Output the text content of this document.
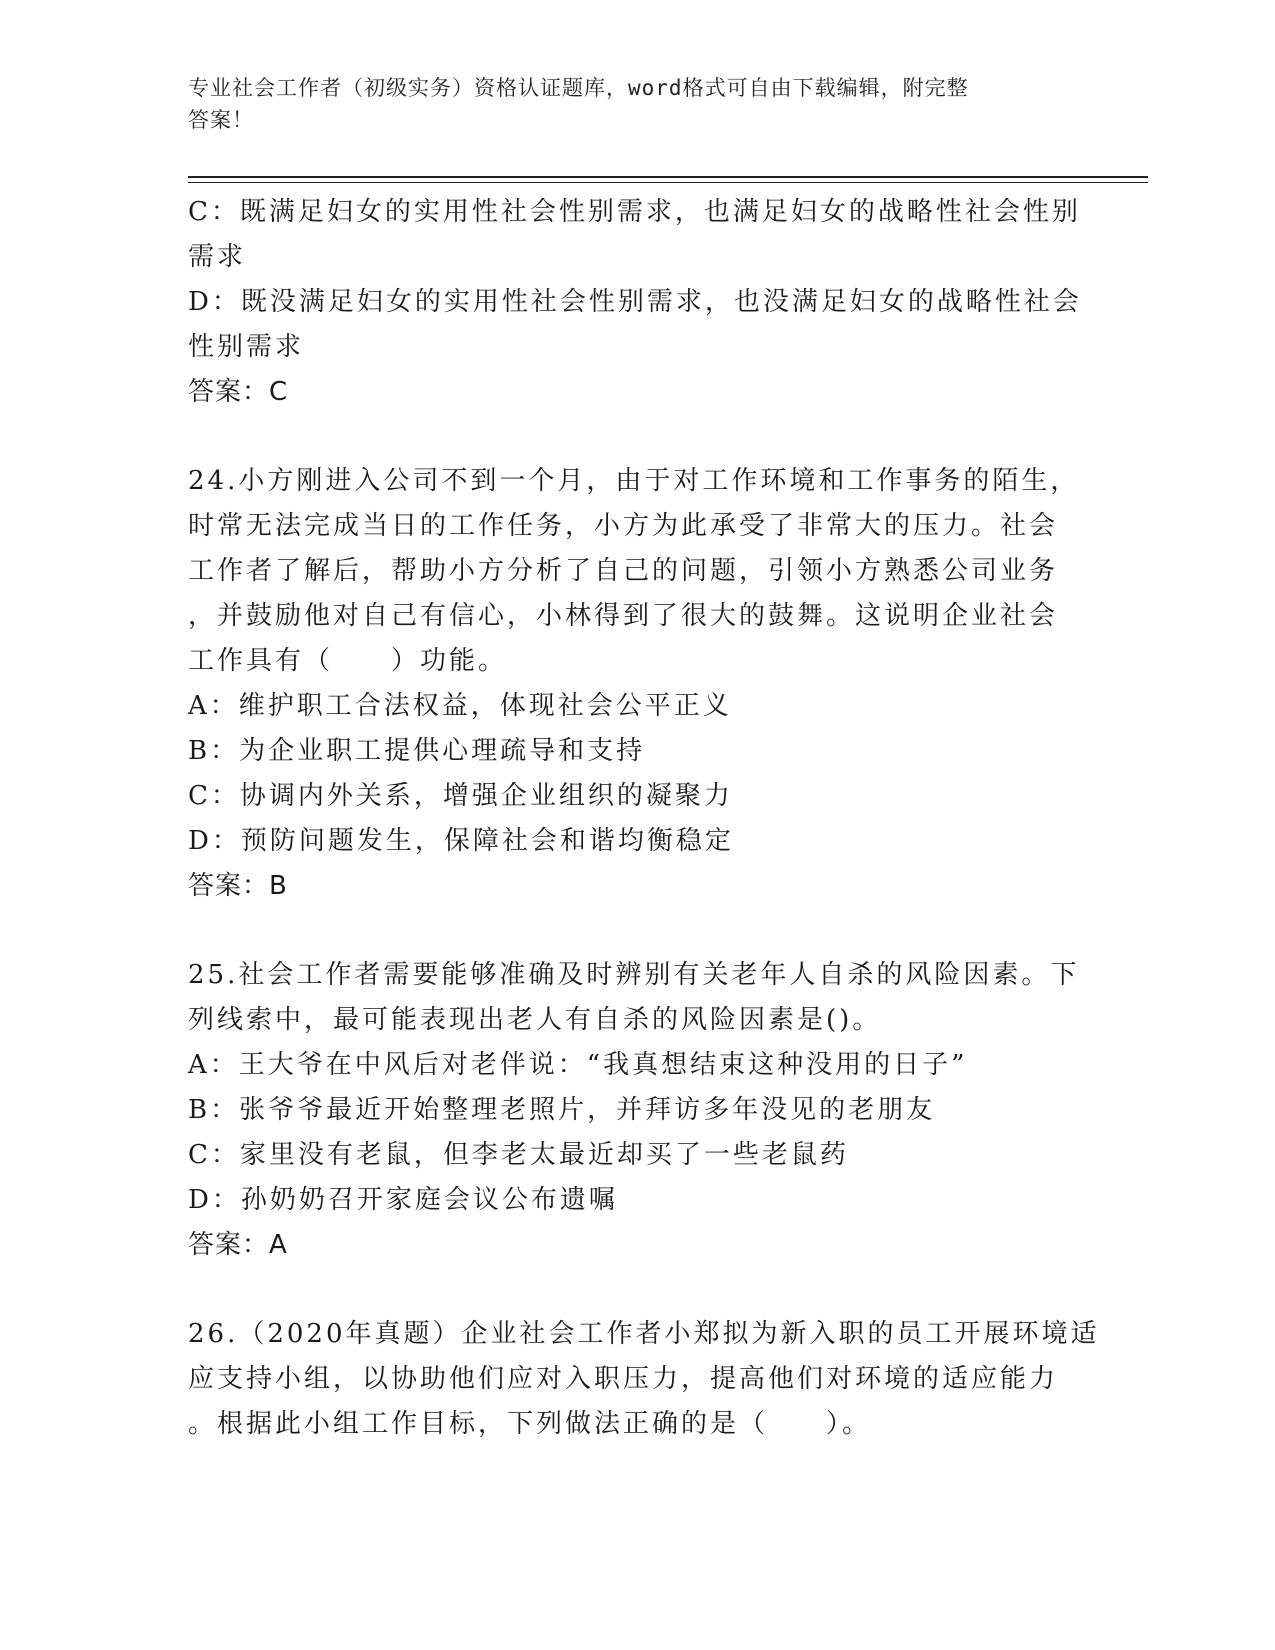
专业社会工作者（初级实务）资格认证题库，word格式可自由下载编辑，附完整
答案！
C：既满足妇女的实用性社会性别需求，也满足妇女的战略性社会性别
需求
D：既没满足妇女的实用性社会性别需求，也没满足妇女的战略性社会
性别需求
答案：C
24.小方刚进入公司不到一个月，由于对工作环境和工作事务的陌生，
时常无法完成当日的工作任务，小方为此承受了非常大的压力。社会
工作者了解后，帮助小方分析了自己的问题，引领小方熟悉公司业务
，并鼓励他对自己有信心，小林得到了很大的鼓舞。这说明企业社会
工作具有（　　）功能。
A：维护职工合法权益，体现社会公平正义
B：为企业职工提供心理疏导和支持
C：协调内外关系，增强企业组织的凝聚力
D：预防问题发生，保障社会和谐均衡稳定
答案：B
25.社会工作者需要能够准确及时辨别有关老年人自杀的风险因素。下
列线索中，最可能表现出老人有自杀的风险因素是()。
A：王大爷在中风后对老伴说：“我真想结束这种没用的日子”
B：张爷爷最近开始整理老照片，并拜访多年没见的老朋友
C：家里没有老鼠，但李老太最近却买了一些老鼠药
D：孙奶奶召开家庭会议公布遗嘱
答案：A
26.（2020年真题）企业社会工作者小郑拟为新入职的员工开展环境适
应支持小组，以协助他们应对入职压力，提高他们对环境的适应能力
。根据此小组工作目标，下列做法正确的是（　　）。
